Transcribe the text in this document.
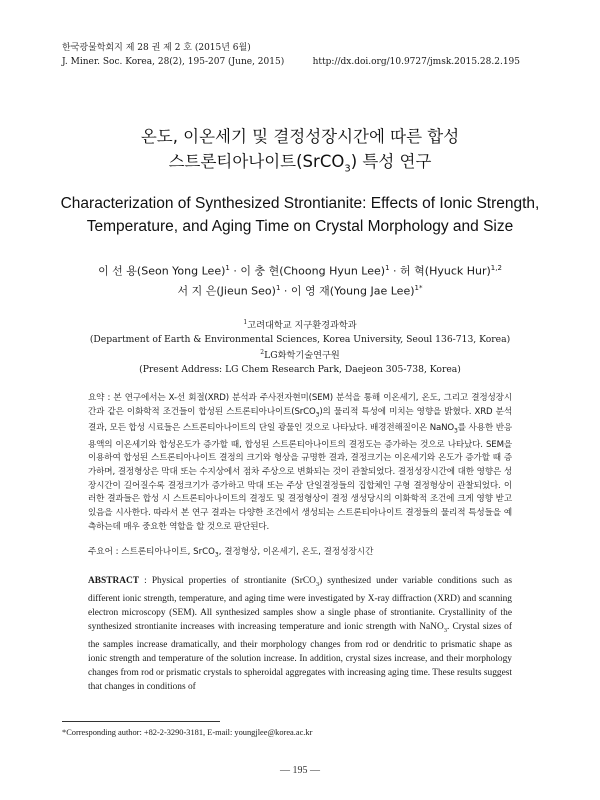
한국광물학회지 제 28 권 제 2 호 (2015년 6월)
J. Miner. Soc. Korea, 28(2), 195-207 (June, 2015)	http://dx.doi.org/10.9727/jmsk.2015.28.2.195
온도, 이온세기 및 결정성장시간에 따른 합성
스트론티아나이트(SrCO$_3$) 특성 연구
Characterization of Synthesized Strontianite: Effects of Ionic Strength,
Temperature, and Aging Time on Crystal Morphology and Size
이 선 용(Seon Yong Lee)$^1$ · 이 충 현(Choong Hyun Lee)$^1$ · 허 혁(Hyuck Hur)$^{1,2}$
서 지 은(Jieun Seo)$^1$ · 이 영 재(Young Jae Lee)$^{1*}$
$^1$고려대학교 지구환경과학과
(Department of Earth & Environmental Sciences, Korea University, Seoul 136-713, Korea)
$^2$LG화학기술연구원
(Present Address: LG Chem Research Park, Daejeon 305-738, Korea)
요약 : 본 연구에서는 X-선 회절(XRD) 분석과 주사전자현미(SEM) 분석을 통해 이온세기, 온도, 그리고 결정성장시간과 같은 이화학적 조건들이 합성된 스트론티아나이트(SrCO$_3$)의 물리적 특성에 미치는 영향을 밝혔다. XRD 분석결과, 모든 합성 시료들은 스트론티아나이트의 단일 광물인 것으로 나타났다. 배경전해질이온 NaNO$_3$를 사용한 반응용액의 이온세기와 합성온도가 증가할 때, 합성된 스트론티아나이트의 결정도는 증가하는 것으로 나타났다. SEM을 이용하여 합성된 스트론티아나이트 결정의 크기와 형상을 규명한 결과, 결정크기는 이온세기와 온도가 증가할 때 증가하며, 결정형상은 막대 또는 수지상에서 점차 주상으로 변화되는 것이 관찰되었다. 결정성장시간에 대한 영향은 성장시간이 길어질수록 결정크기가 증가하고 막대 또는 주상 단일결정들의 집합체인 구형 결정형상이 관찰되었다. 이러한 결과들은 합성 시 스트론티아나이트의 결정도 및 결정형상이 결정 생성당시의 이화학적 조건에 크게 영향 받고 있음을 시사한다. 따라서 본 연구 결과는 다양한 조건에서 생성되는 스트론티아나이트 결정들의 물리적 특성들을 예측하는데 매우 중요한 역할을 할 것으로 판단된다.
주요어 : 스트론티아나이트, SrCO$_3$, 결정형상, 이온세기, 온도, 결정성장시간
ABSTRACT : Physical properties of strontianite (SrCO$_3$) synthesized under variable conditions such as different ionic strength, temperature, and aging time were investigated by X-ray diffraction (XRD) and scanning electron microscopy (SEM). All synthesized samples show a single phase of strontianite. Crystallinity of the synthesized strontianite increases with increasing temperature and ionic strength with NaNO$_3$. Crystal sizes of the samples increase dramatically, and their morphology changes from rod or dendritic to prismatic shape as ionic strength and temperature of the solution increase. In addition, crystal sizes increase, and their morphology changes from rod or prismatic crystals to spheroidal aggregates with increasing aging time. These results suggest that changes in conditions of
*Corresponding author: +82-2-3290-3181, E-mail: youngjlee@korea.ac.kr
― 195 ―
